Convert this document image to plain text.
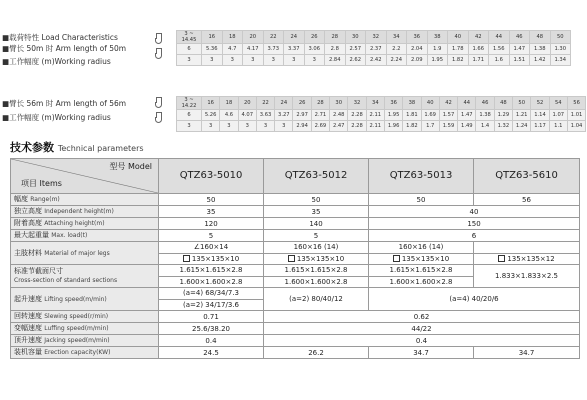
■载荷特性 Load Characteristics
■臂长 50m 时 Arm length of 50m
■工作幅度 (m)Working radius
3 ~ 14.45	16	18	20	22	24	26	28	30	32	34	36	38	40	42	44	46	48	50
6	5.36	4.7	4.17	3.73	3.37	3.06	2.8	2.57	2.37	2.2	2.04	1.9	1.78	1.66	1.56	1.47	1.38	1.30
3	3	3	3	3	3	3	2.84	2.62	2.42	2.24	2.09	1.95	1.82	1.71	1.6	1.51	1.42	1.34
■臂长 56m 时 Arm length of 56m
■工作幅度 (m)Working radius
3 ~ 14.22	16	18	20	22	24	26	28	30	32	34	36	38	40	42	44	46	48	50	52	54	56
6	5.26	4.6	4.07	3.63	3.27	2.97	2.71	2.48	2.28	2.11	1.95	1.81	1.69	1.57	1.47	1.38	1.29	1.21	1.14	1.07	1.01
3	3	3	3	3	3	2.94	2.69	2.47	2.28	2.11	1.96	1.82	1.7	1.59	1.49	1.4	1.32	1.24	1.17	1.1	1.04
技术参数 Technical parameters
型号 Model
项目 Items	QTZ63-5010	QTZ63-5012	QTZ63-5013	QTZ63-5610
幅度 Range(m)	50	50	50	56
独立高度 Independent height(m)	35	35	40	
附着高度 Attaching height(m)	120	140	150	
最大起重量 Max. load(t)	5	5	6	
主肢材料 Material of major legs	∠160×14	160×16 (14)	160×16 (14)	
	135×135×10	135×135×10	135×135×10	135×135×12

标准节截面尺寸
Cross-section of standard sections	1.615×1.615×2.8	1.615×1.615×2.8	1.615×1.615×2.8	1.833×1.833×2.5
	1.600×1.600×2.8	1.600×1.600×2.8	1.600×1.600×2.8	
起升速度 Lifting speed(m/min)	(a=4) 68/34/7.3	(a=2) 80/40/12	(a=4) 40/20/6	
	(a=2) 34/17/3.6			
回转速度 Slewing speed(r/min)	0.71	0.62		
变幅速度 Luffing speed(m/min)	25.6/38.20	44/22		
顶升速度 Jacking speed(m/min)	0.4	0.4		
装机容量 Erection capacity(KW)	24.5	26.2	34.7	34.7
